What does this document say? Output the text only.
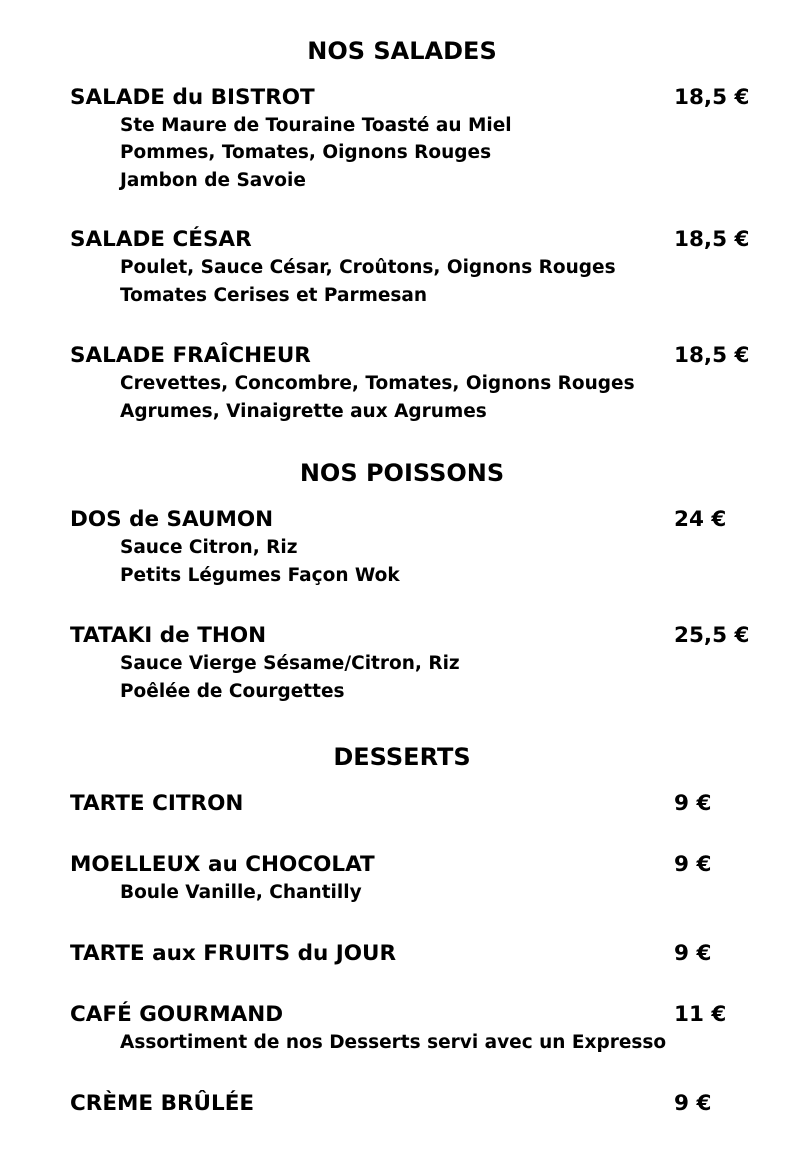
NOS SALADES
SALADE du BISTROT	18,5 €
Ste Maure de Touraine Toasté au Miel
Pommes, Tomates, Oignons Rouges
Jambon de Savoie
SALADE CÉSAR	18,5 €
Poulet, Sauce César, Croûtons, Oignons Rouges
Tomates Cerises et Parmesan
SALADE FRAÎCHEUR	18,5 €
Crevettes, Concombre, Tomates, Oignons Rouges
Agrumes, Vinaigrette aux Agrumes
NOS POISSONS
DOS de SAUMON	24 €
Sauce Citron, Riz
Petits Légumes Façon Wok
TATAKI de THON	25,5 €
Sauce Vierge Sésame/Citron, Riz
Poêlée de Courgettes
DESSERTS
TARTE CITRON	9 €
MOELLEUX au CHOCOLAT	9 €
Boule Vanille, Chantilly
TARTE aux FRUITS du JOUR	9 €
CAFÉ GOURMAND	11 €
Assortiment de nos Desserts servi avec un Expresso
CRÈME BRÛLÉE	9 €
